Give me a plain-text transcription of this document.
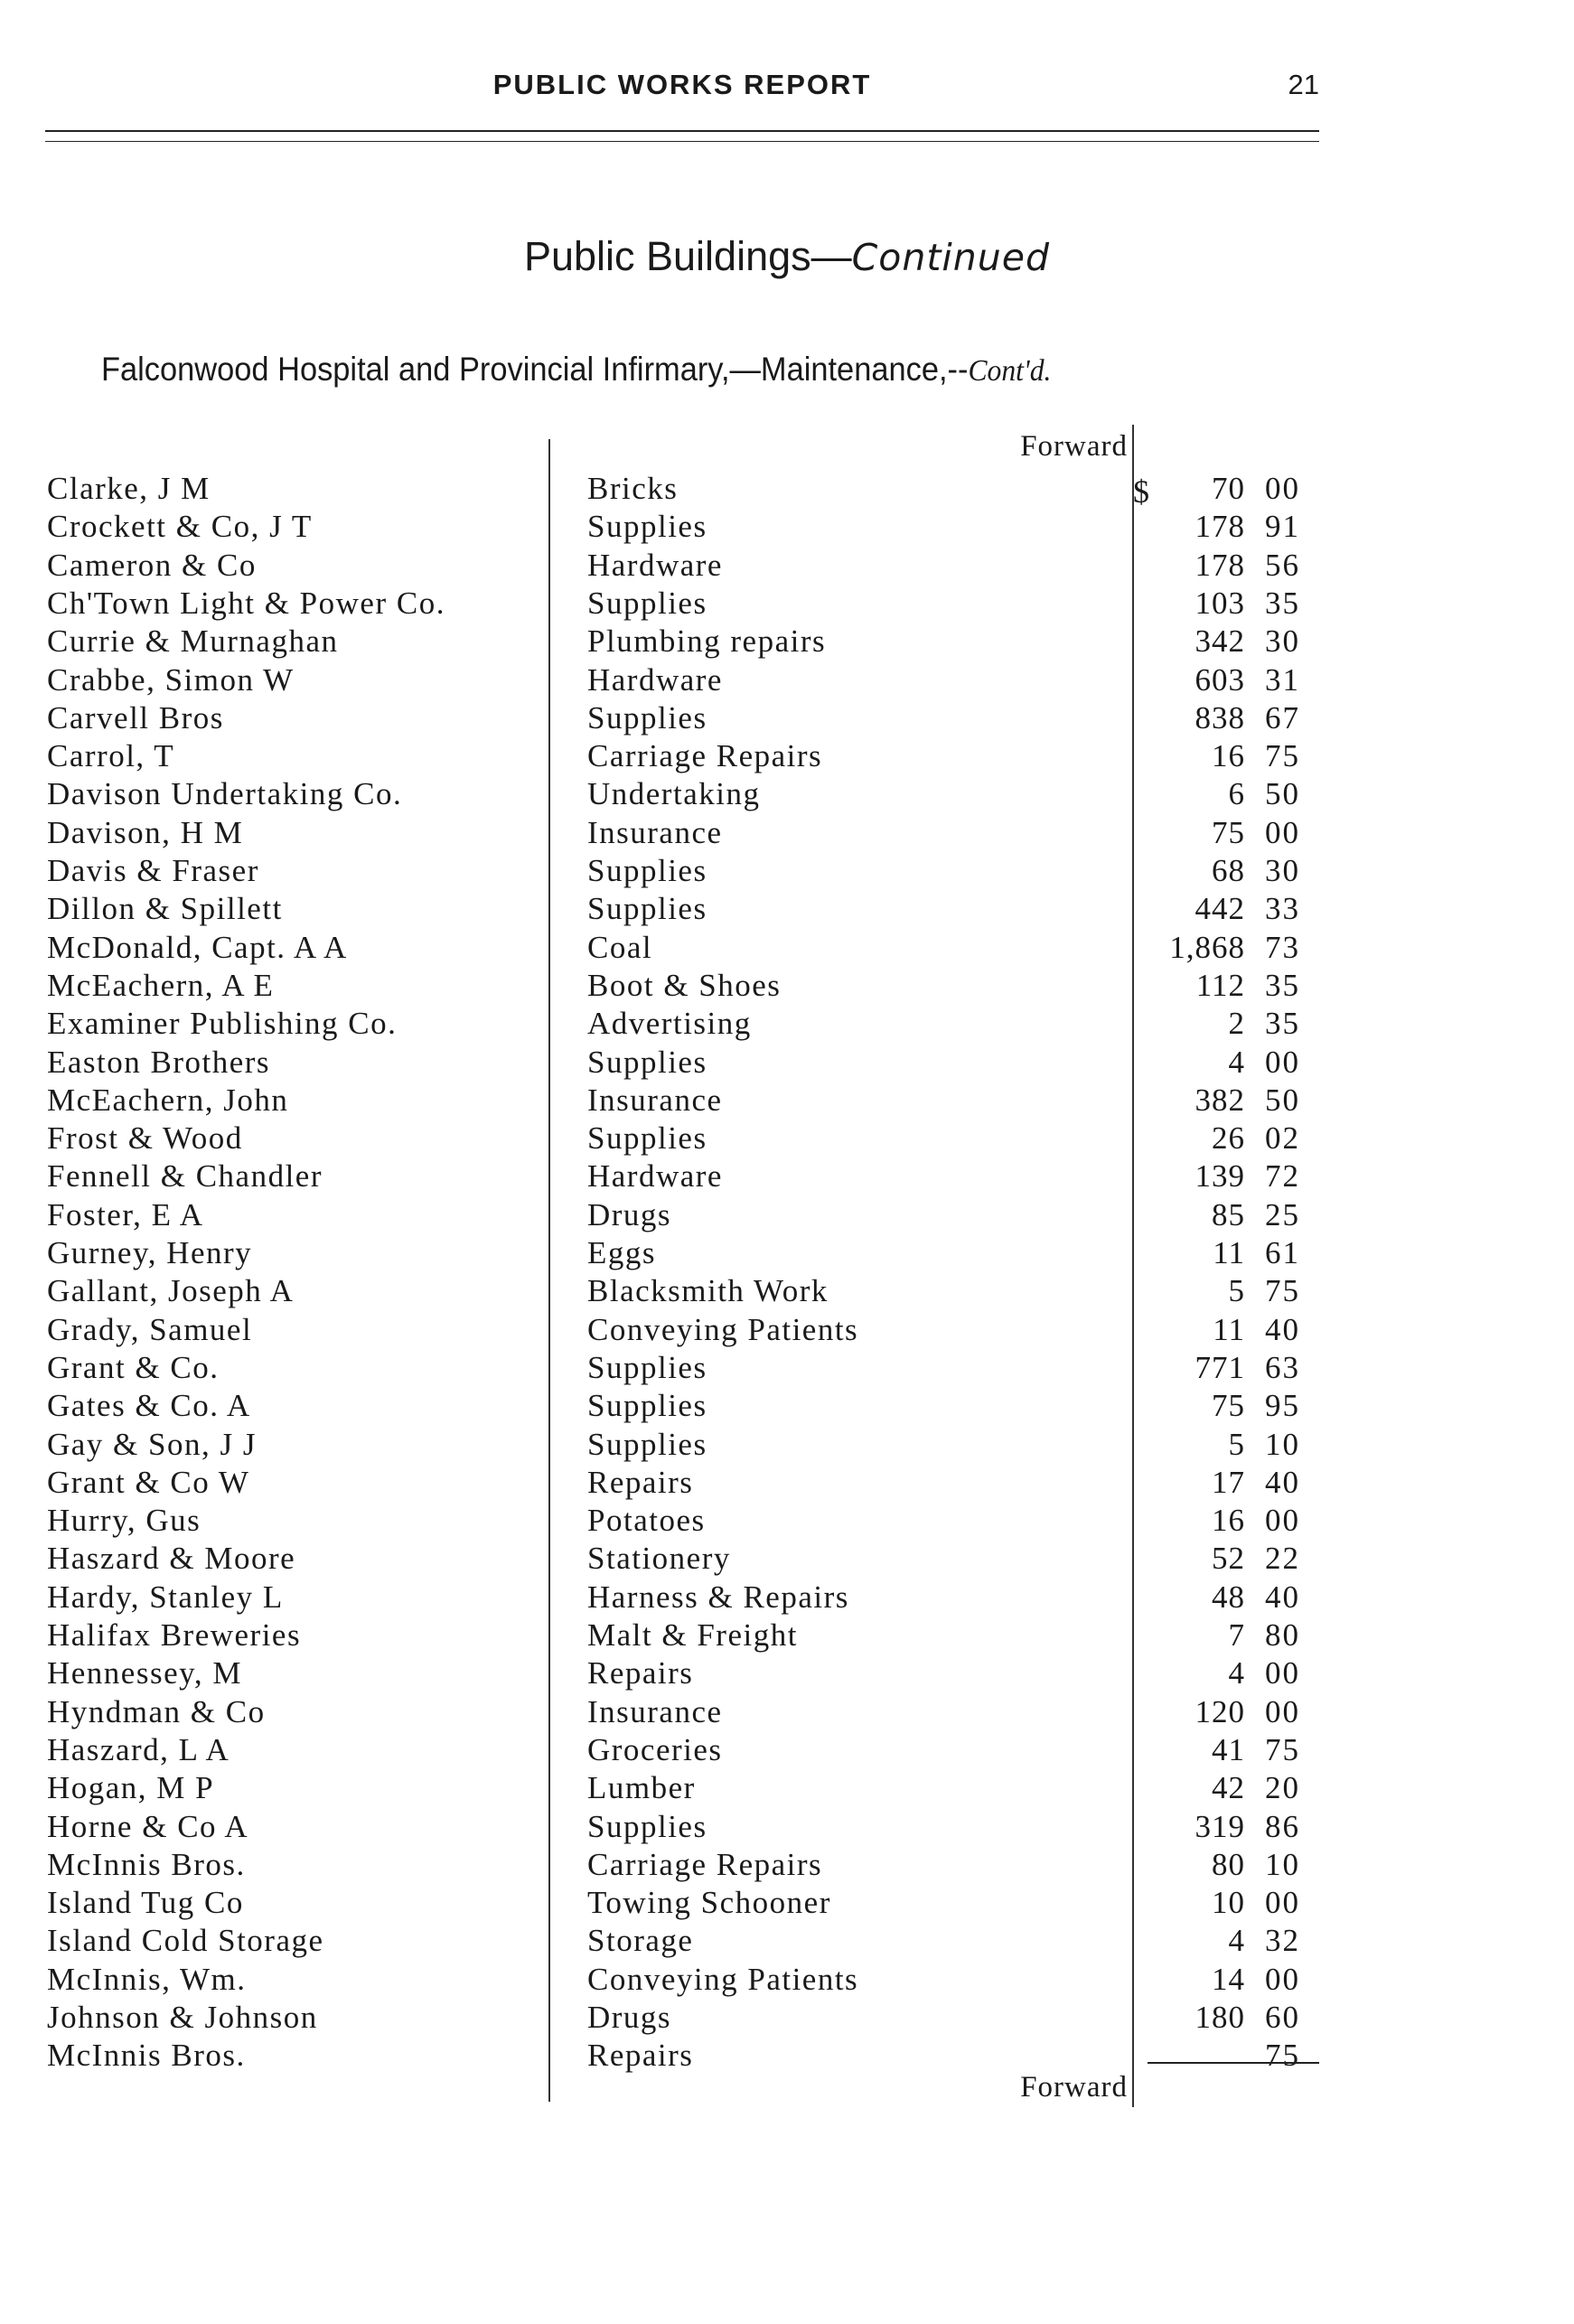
PUBLIC WORKS REPORT	21
Public Buildings—Continued
Falconwood Hospital and Provincial Infirmary,—Maintenance,--Cont'd.
Forward
$
Clarke, J M	Bricks	70 00
Crockett & Co, J T	Supplies	178 91
Cameron & Co	Hardware	178 56
Ch'Town Light & Power Co.	Supplies	103 35
Currie & Murnaghan	Plumbing repairs	342 30
Crabbe, Simon W	Hardware	603 31
Carvell Bros	Supplies	838 67
Carrol, T	Carriage Repairs	16 75
Davison Undertaking Co.	Undertaking	6 50
Davison, H M	Insurance	75 00
Davis & Fraser	Supplies	68 30
Dillon & Spillett	Supplies	442 33
McDonald, Capt. A A	Coal	1,868 73
McEachern, A E	Boot & Shoes	112 35
Examiner Publishing Co.	Advertising	2 35
Easton Brothers	Supplies	4 00
McEachern, John	Insurance	382 50
Frost & Wood	Supplies	26 02
Fennell & Chandler	Hardware	139 72
Foster, E A	Drugs	85 25
Gurney, Henry	Eggs	11 61
Gallant, Joseph A	Blacksmith Work	5 75
Grady, Samuel	Conveying Patients	11 40
Grant & Co.	Supplies	771 63
Gates & Co. A	Supplies	75 95
Gay & Son, J J	Supplies	5 10
Grant & Co W	Repairs	17 40
Hurry, Gus	Potatoes	16 00
Haszard & Moore	Stationery	52 22
Hardy, Stanley L	Harness & Repairs	48 40
Halifax Breweries	Malt & Freight	7 80
Hennessey, M	Repairs	4 00
Hyndman & Co	Insurance	120 00
Haszard, L A	Groceries	41 75
Hogan, M P	Lumber	42 20
Horne & Co A	Supplies	319 86
McInnis Bros.	Carriage Repairs	80 10
Island Tug Co	Towing Schooner	10 00
Island Cold Storage	Storage	4 32
McInnis, Wm.	Conveying Patients	14 00
Johnson & Johnson	Drugs	180 60
McInnis Bros.	Repairs	75
Forward
